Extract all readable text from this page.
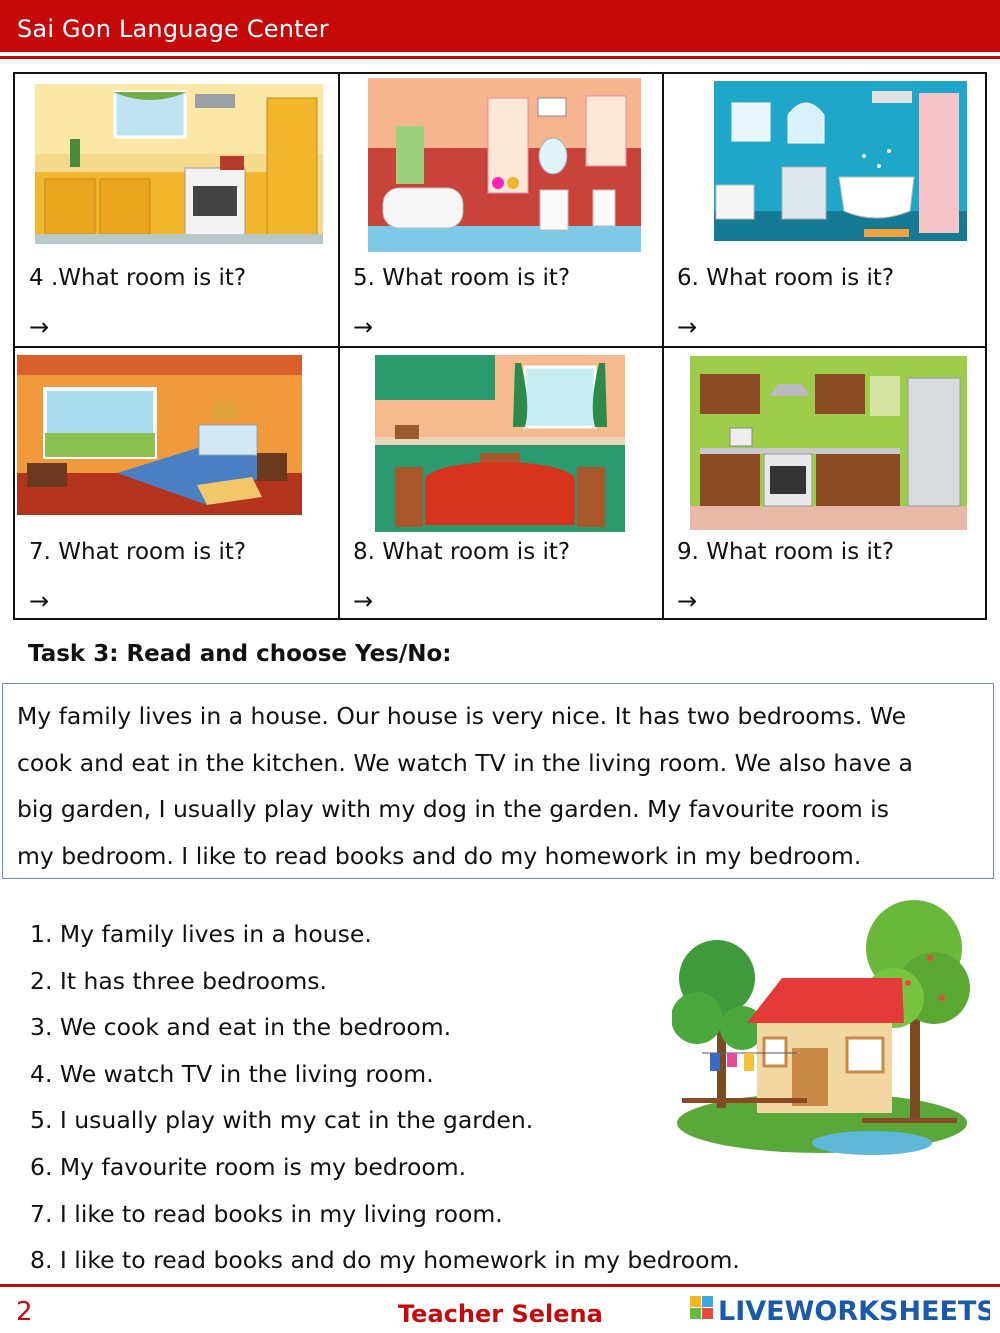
Sai Gon Language Center
4 .What room is it?
→
5. What room is it?
→
6. What room is it?
→
7. What room is it?
→
8. What room is it?
→
9. What room is it?
→
Task 3: Read and choose Yes/No:
My family lives in a house. Our house is very nice. It has two bedrooms. We
cook and eat in the kitchen. We watch TV in the living room. We also have a
big garden, I usually play with my dog in the garden. My favourite room is
my bedroom. I like to read books and do my homework in my bedroom.
1. My family lives in a house.
2. It has three bedrooms.
3. We cook and eat in the bedroom.
4. We watch TV in the living room.
5. I usually play with my cat in the garden.
6. My favourite room is my bedroom.
7. I like to read books in my living room.
8. I like to read books and do my homework in my bedroom.
2	Teacher Selena	LIVEWORKSHEETS
